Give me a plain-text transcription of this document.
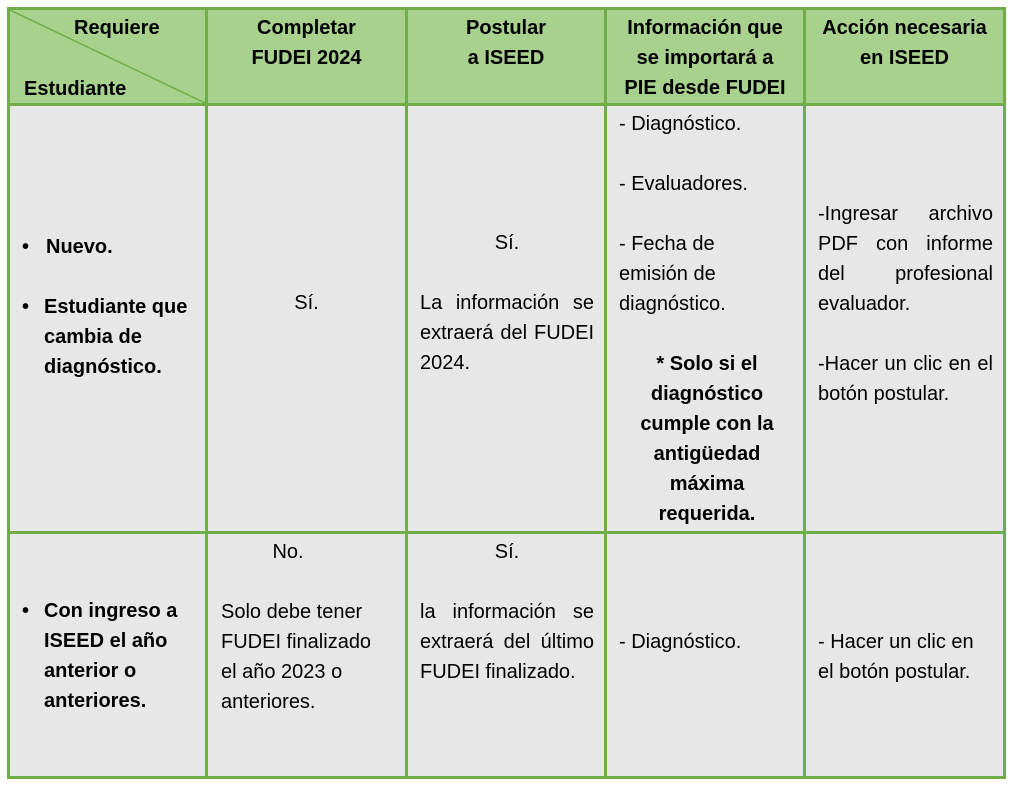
Requiere
Estudiante
Completar
FUDEI 2024
Postular
a ISEED
Información que
se importará a
PIE desde FUDEI
Acción necesaria
en ISEED
• Nuevo.
• Estudiante que cambia de diagnóstico.
Sí.

Sí.

La información se extraerá del FUDEI 2024.

- Diagnóstico.

- Evaluadores.

- Fecha de emisión de diagnóstico.

* Solo si el diagnóstico cumple con la antigüedad máxima requerida.

-Ingresar archivo PDF con informe del profesional evaluador.

-Hacer un clic en el botón postular.

• Con ingreso a ISEED el año anterior o anteriores.

No.

Solo debe tener FUDEI finalizado el año 2023 o anteriores.

Sí.

la información se extraerá del último FUDEI finalizado.

- Diagnóstico.	- Hacer un clic en el botón postular.
